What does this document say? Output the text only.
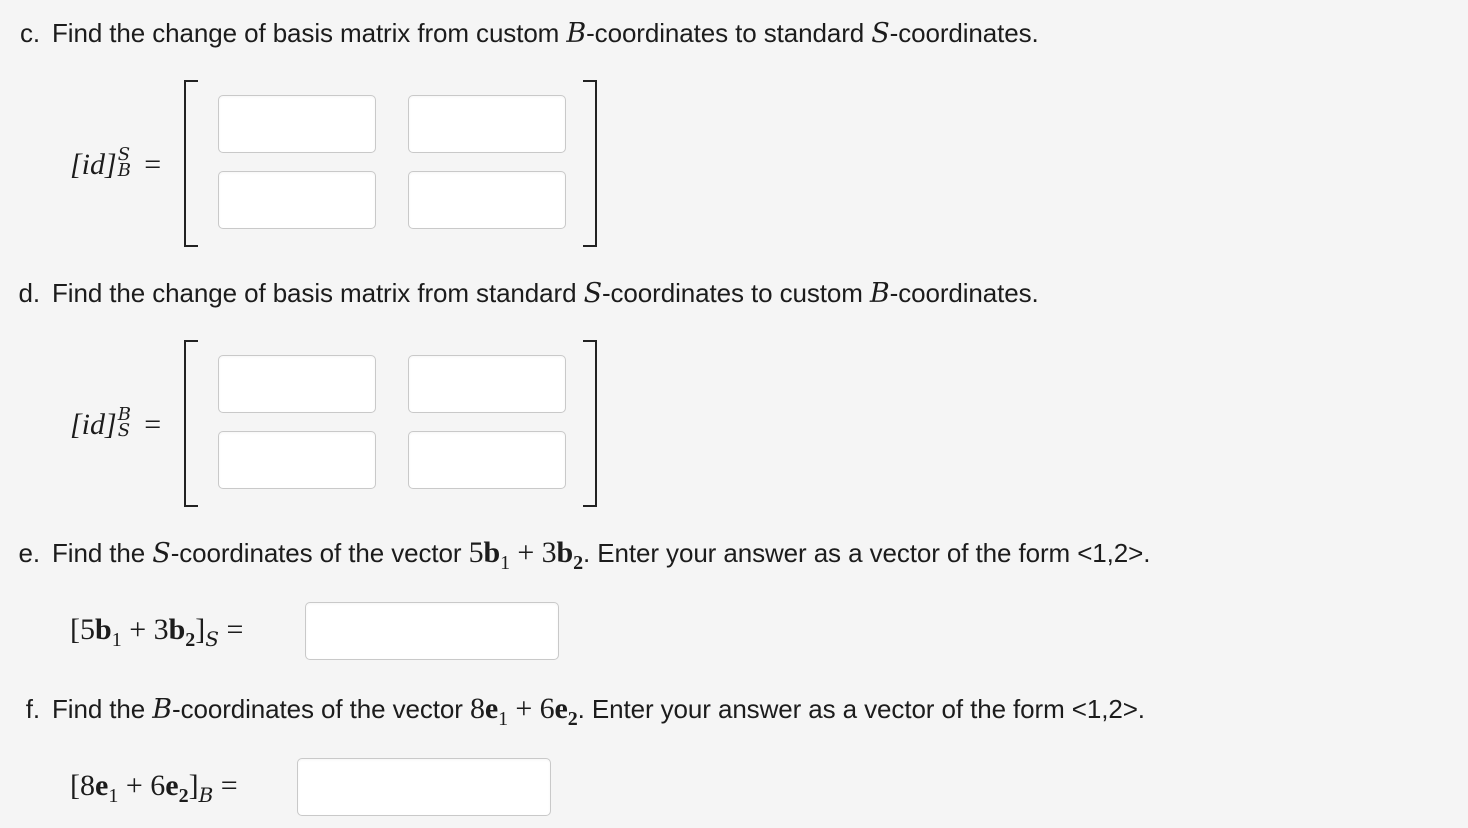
c. Find the change of basis matrix from custom B-coordinates to standard S-coordinates.
[id] S
B =
d. Find the change of basis matrix from standard S-coordinates to custom B-coordinates.
[id] B
S =
e. Find the S-coordinates of the vector $5b_1 + 3b_2$. Enter your answer as a vector of the form <1,2>.
$[5b_1 + 3b_2]_S$ =
f. Find the B-coordinates of the vector $8e_1 + 6e_2$. Enter your answer as a vector of the form <1,2>.
$[8e_1 + 6e_2]_B$ =
